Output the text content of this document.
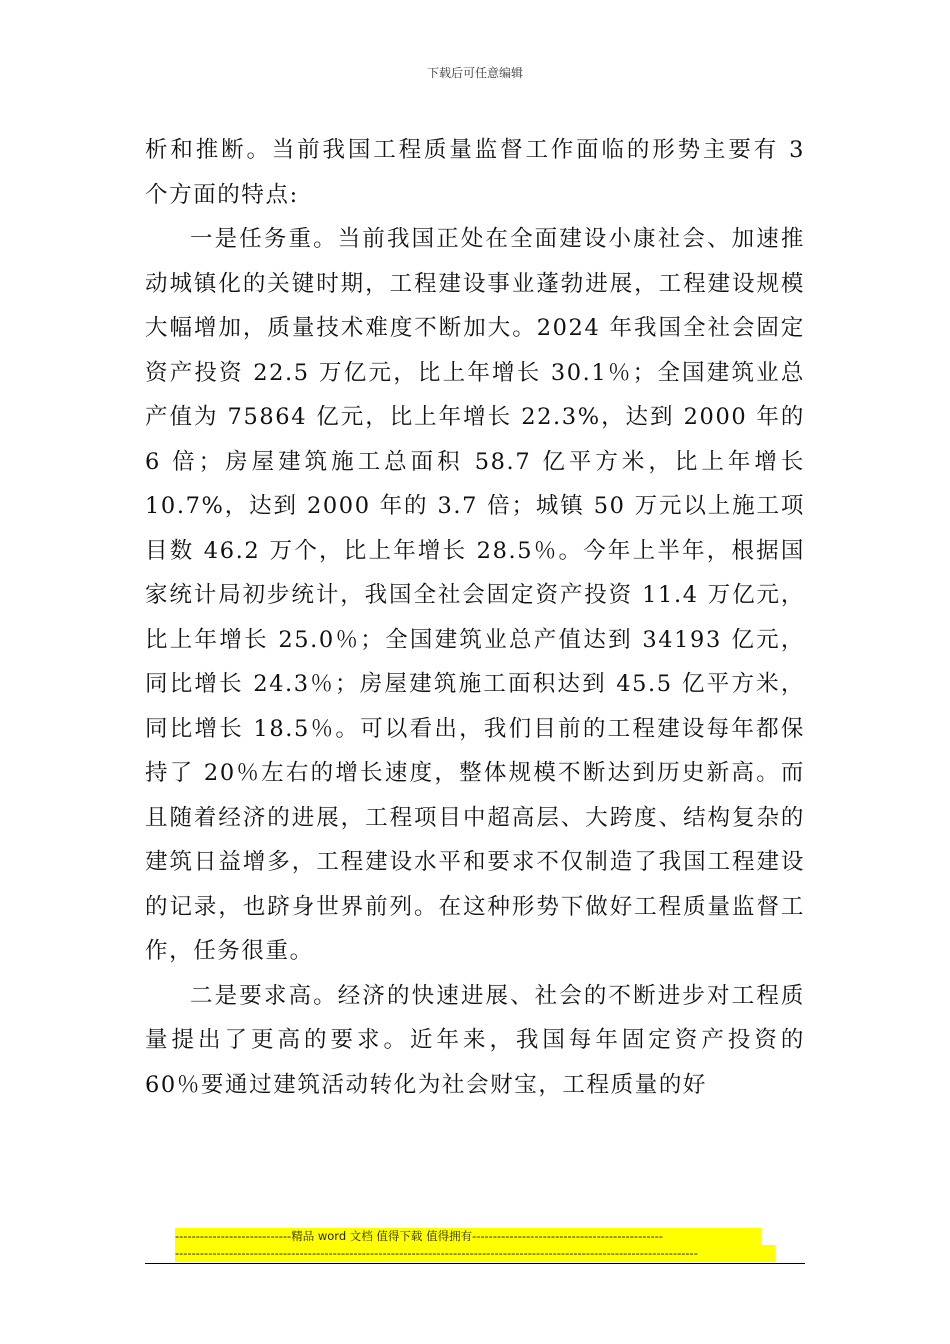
下载后可任意编辑

析和推断。当前我国工程质量监督工作面临的形势主要有 3 个方面的特点:

一是任务重。当前我国正处在全面建设小康社会、加速推动城镇化的关键时期，工程建设事业蓬勃进展，工程建设规模大幅增加，质量技术难度不断加大。2024 年我国全社会固定资产投资 22.5 万亿元，比上年增长 30.1％；全国建筑业总产值为 75864 亿元，比上年增长 22.3%，达到 2000 年的 6 倍；房屋建筑施工总面积 58.7 亿平方米，比上年增长 10.7%，达到 2000 年的 3.7 倍；城镇 50 万元以上施工项目数 46.2 万个，比上年增长 28.5％。今年上半年，根据国家统计局初步统计，我国全社会固定资产投资 11.4 万亿元，比上年增长 25.0％；全国建筑业总产值达到 34193 亿元，同比增长 24.3％；房屋建筑施工面积达到 45.5 亿平方米，同比增长 18.5％。可以看出，我们目前的工程建设每年都保持了 20％左右的增长速度，整体规模不断达到历史新高。而且随着经济的进展，工程项目中超高层、大跨度、结构复杂的建筑日益增多，工程建设水平和要求不仅制造了我国工程建设的记录，也跻身世界前列。在这种形势下做好工程质量监督工作，任务很重。

二是要求高。经济的快速进展、社会的不断进步对工程质量提出了更高的要求。近年来，我国每年固定资产投资的 60％要通过建筑活动转化为社会财宝，工程质量的好

----------------------------精品 word 文档 值得下载 值得拥有----------------------------------------------
------------------------------------------------------------------------------------------------------------------------------
